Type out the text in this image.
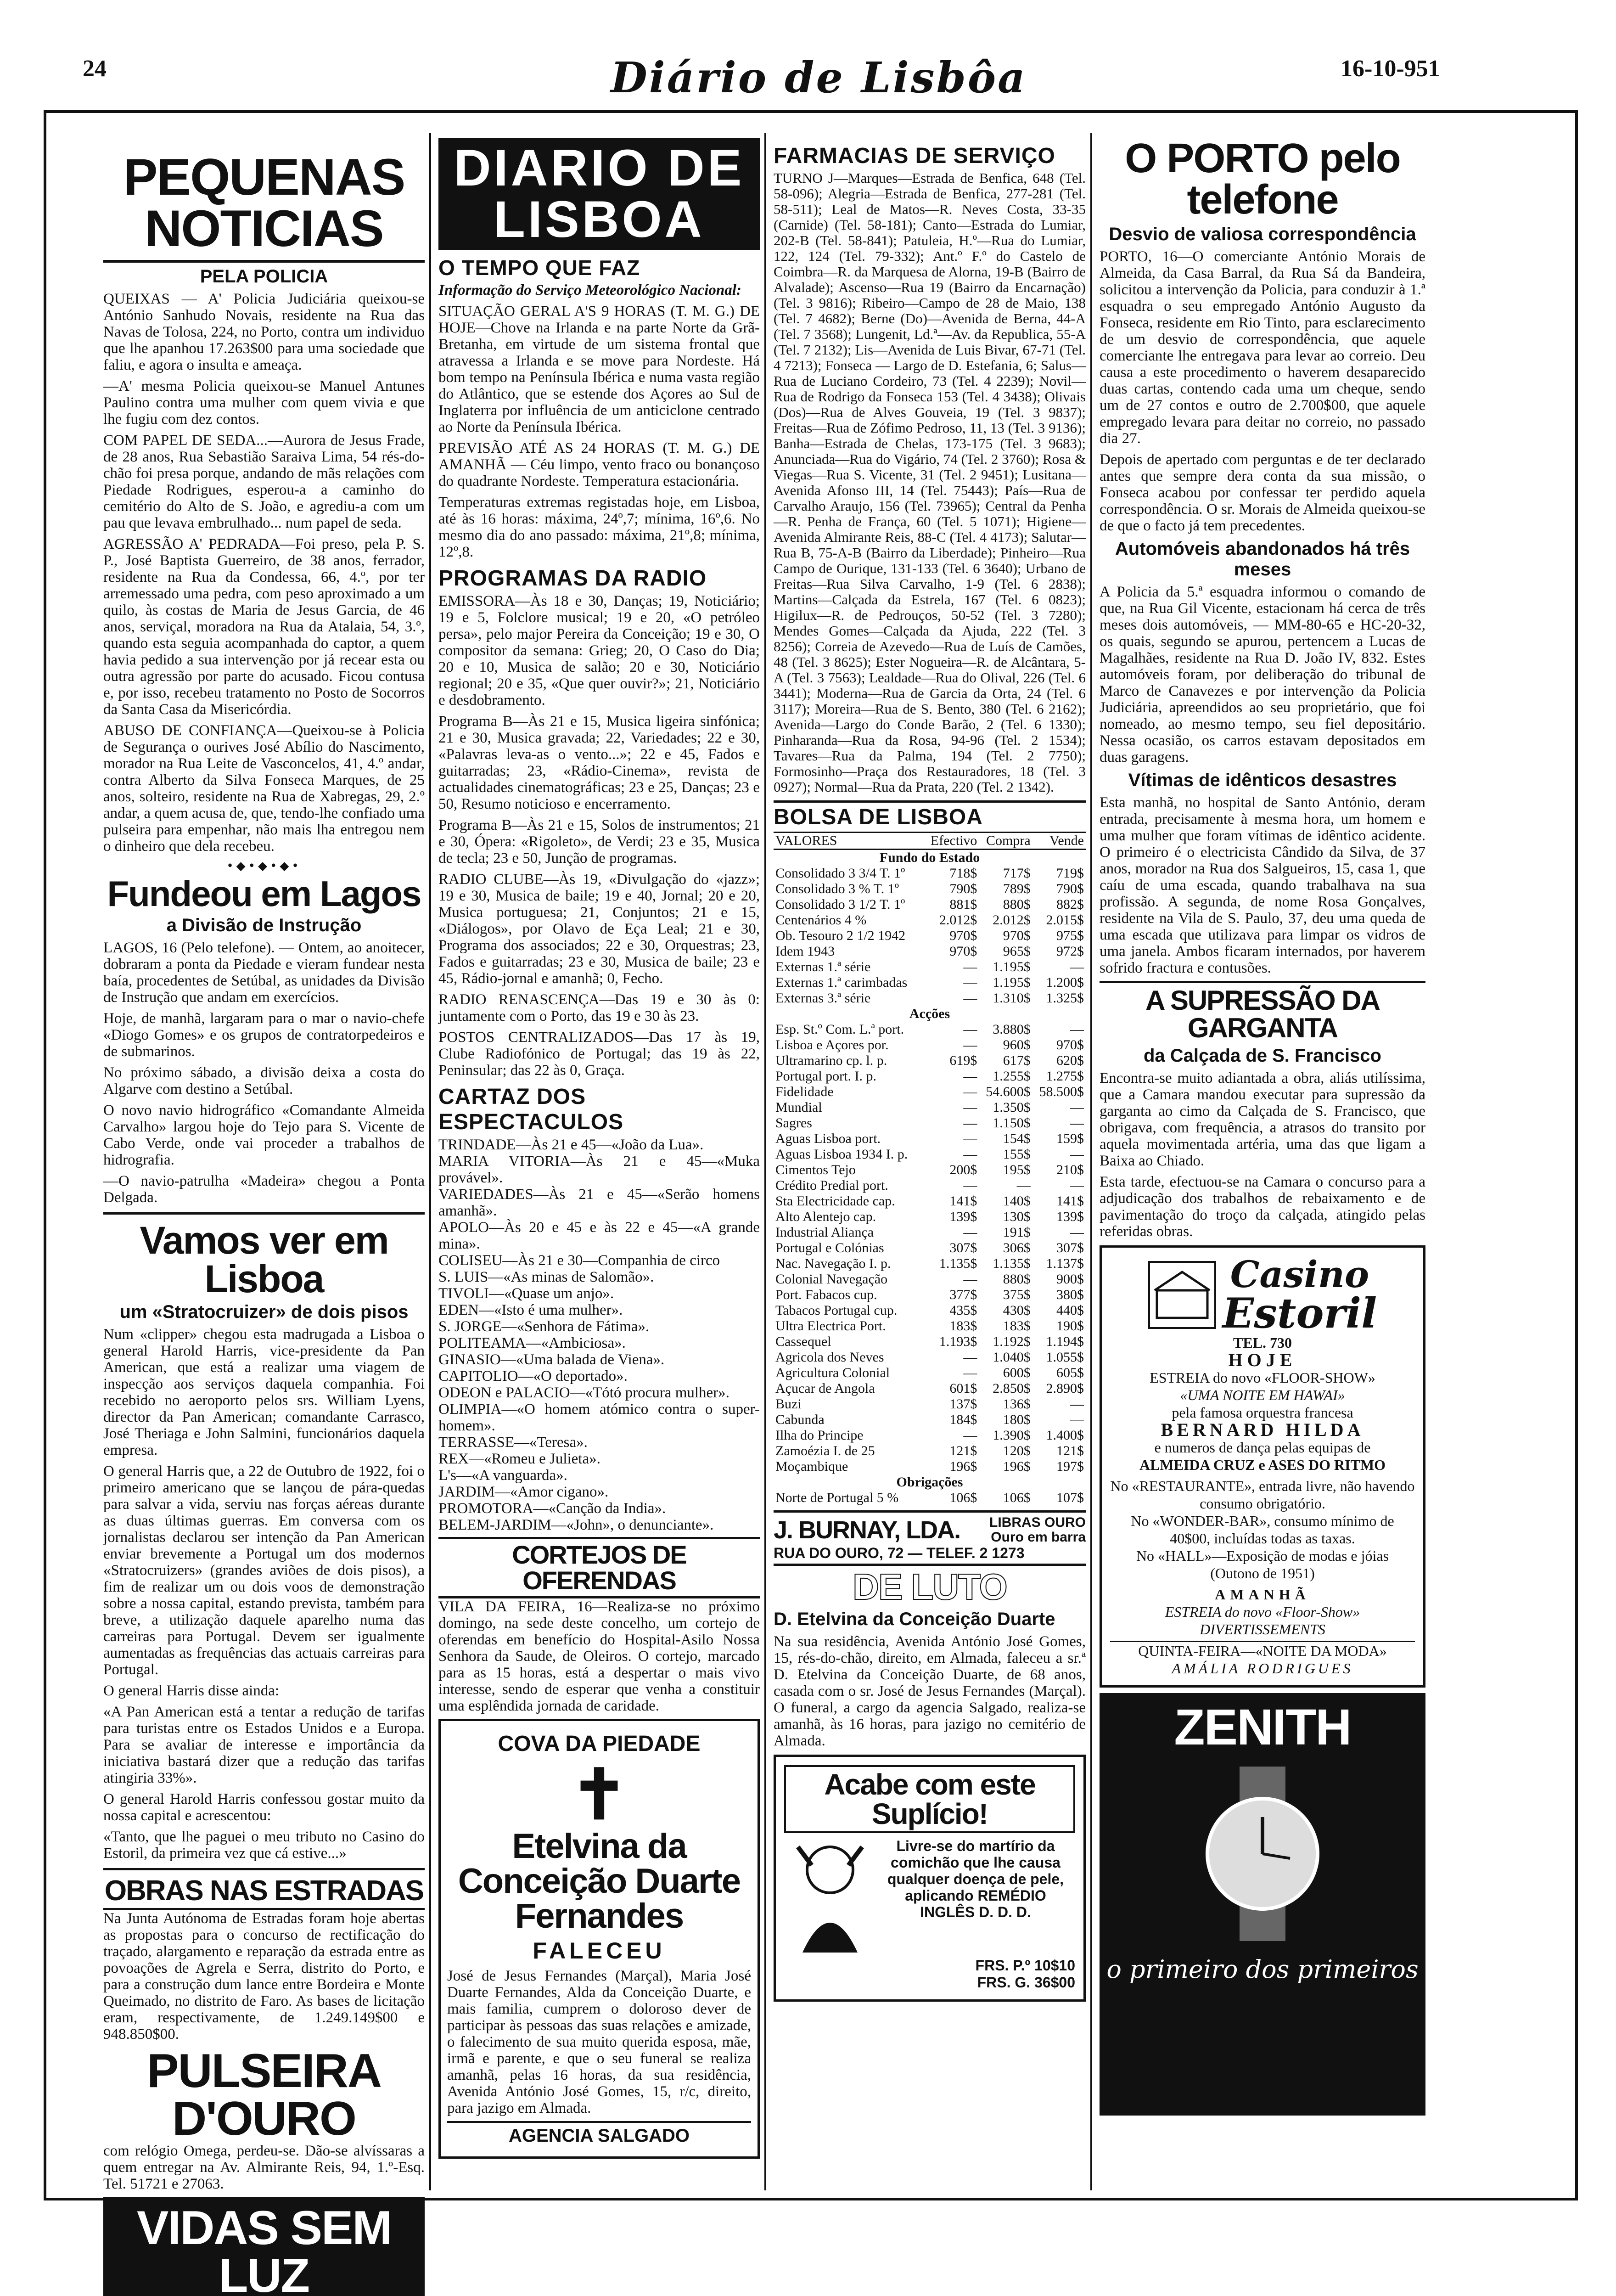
24	Diário de Lisbôa	16-10-951
PEQUENAS NOTICIAS
PELA POLICIA

QUEIXAS — A' Policia Judiciária queixou-se António Sanhudo Novais, residente na Rua das Navas de Tolosa, 224, no Porto, contra um individuo que lhe apanhou 17.263$00 para uma sociedade que faliu, e agora o insulta e ameaça.

—A' mesma Policia queixou-se Manuel Antunes Paulino contra uma mulher com quem vivia e que lhe fugiu com dez contos.

COM PAPEL DE SEDA...—Aurora de Jesus Frade, de 28 anos, Rua Sebastião Saraiva Lima, 54 rés-do-chão foi presa porque, andando de mãs relações com Piedade Rodrigues, esperou-a a caminho do cemitério do Alto de S. João, e agrediu-a com um pau que levava embrulhado... num papel de seda.

AGRESSÃO A' PEDRADA—Foi preso, pela P. S. P., José Baptista Guerreiro, de 38 anos, ferrador, residente na Rua da Condessa, 66, 4.º, por ter arremessado uma pedra, com peso aproximado a um quilo, às costas de Maria de Jesus Garcia, de 46 anos, serviçal, moradora na Rua da Atalaia, 54, 3.º, quando esta seguia acompanhada do captor, a quem havia pedido a sua intervenção por já recear esta ou outra agressão por parte do acusado. Ficou contusa e, por isso, recebeu tratamento no Posto de Socorros da Santa Casa da Misericórdia.

ABUSO DE CONFIANÇA—Queixou-se à Policia de Segurança o ourives José Abílio do Nascimento, morador na Rua Leite de Vasconcelos, 41, 4.º andar, contra Alberto da Silva Fonseca Marques, de 25 anos, solteiro, residente na Rua de Xabregas, 29, 2.º andar, a quem acusa de, que, tendo-lhe confiado uma pulseira para empenhar, não mais lha entregou nem o dinheiro que dela recebeu.

•◆•◆•◆•
Fundeou em Lagos
a Divisão de Instrução

LAGOS, 16 (Pelo telefone). — Ontem, ao anoitecer, dobraram a ponta da Piedade e vieram fundear nesta baía, procedentes de Setúbal, as unidades da Divisão de Instrução que andam em exercícios.

Hoje, de manhã, largaram para o mar o navio-chefe «Diogo Gomes» e os grupos de contratorpedeiros e de submarinos.

No próximo sábado, a divisão deixa a costa do Algarve com destino a Setúbal.

O novo navio hidrográfico «Comandante Almeida Carvalho» largou hoje do Tejo para S. Vicente de Cabo Verde, onde vai proceder a trabalhos de hidrografia.

—O navio-patrulha «Madeira» chegou a Ponta Delgada.

Vamos ver em Lisboa
um «Stratocruizer» de dois pisos

Num «clipper» chegou esta madrugada a Lisboa o general Harold Harris, vice-presidente da Pan American, que está a realizar uma viagem de inspecção aos serviços daquela companhia. Foi recebido no aeroporto pelos srs. William Lyens, director da Pan American; comandante Carrasco, José Theriaga e John Salmini, funcionários daquela empresa.

O general Harris que, a 22 de Outubro de 1922, foi o primeiro americano que se lançou de pára-quedas para salvar a vida, serviu nas forças aéreas durante as duas últimas guerras. Em conversa com os jornalistas declarou ser intenção da Pan American enviar brevemente a Portugal um dos modernos «Stratocruizers» (grandes aviões de dois pisos), a fim de realizar um ou dois voos de demonstração sobre a nossa capital, estando prevista, também para breve, a utilização daquele aparelho numa das carreiras para Portugal. Devem ser igualmente aumentadas as frequências das actuais carreiras para Portugal.

O general Harris disse ainda:

«A Pan American está a tentar a redução de tarifas para turistas entre os Estados Unidos e a Europa. Para se avaliar de interesse e importância da iniciativa bastará dizer que a redução das tarifas atingiria 33%».

O general Harold Harris confessou gostar muito da nossa capital e acrescentou:

«Tanto, que lhe paguei o meu tributo no Casino do Estoril, da primeira vez que cá estive...»

OBRAS NAS ESTRADAS

Na Junta Autónoma de Estradas foram hoje abertas as propostas para o concurso de rectificação do traçado, alargamento e reparação da estrada entre as povoações de Agrela e Serra, distrito do Porto, e para a construção dum lance entre Bordeira e Monte Queimado, no distrito de Faro. As bases de licitação eram, respectivamente, de 1.249.149$00 e 948.850$00.

PULSEIRA D'OURO

com relógio Omega, perdeu-se. Dão-se alvíssaras a quem entregar na Av. Almirante Reis, 94, 1.º-Esq. Tel. 51721 e 27063.

VIDAS SEM LUZ
DIARIO DE LISBOA
O TEMPO QUE FAZ
Informação do Serviço Meteorológico Nacional:

SITUAÇÃO GERAL A'S 9 HORAS (T. M. G.) DE HOJE—Chove na Irlanda e na parte Norte da Grã-Bretanha, em virtude de um sistema frontal que atravessa a Irlanda e se move para Nordeste. Há bom tempo na Península Ibérica e numa vasta região do Atlântico, que se estende dos Açores ao Sul de Inglaterra por influência de um anticiclone centrado ao Norte da Península Ibérica.

PREVISÃO ATÉ AS 24 HORAS (T. M. G.) DE AMANHÃ — Céu limpo, vento fraco ou bonançoso do quadrante Nordeste. Temperatura estacionária.

Temperaturas extremas registadas hoje, em Lisboa, até às 16 horas: máxima, 24º,7; mínima, 16º,6. No mesmo dia do ano passado: máxima, 21º,8; mínima, 12º,8.

PROGRAMAS DA RADIO

EMISSORA—Às 18 e 30, Danças; 19, Noticiário; 19 e 5, Folclore musical; 19 e 20, «O petróleo persa», pelo major Pereira da Conceição; 19 e 30, O compositor da semana: Grieg; 20, O Caso do Dia; 20 e 10, Musica de salão; 20 e 30, Noticiário regional; 20 e 35, «Que quer ouvir?»; 21, Noticiário e desdobramento.

Programa B—Às 21 e 15, Musica ligeira sinfónica; 21 e 30, Musica gravada; 22, Variedades; 22 e 30, «Palavras leva-as o vento...»; 22 e 45, Fados e guitarradas; 23, «Rádio-Cinema», revista de actualidades cinematográficas; 23 e 25, Danças; 23 e 50, Resumo noticioso e encerramento.

Programa B—Às 21 e 15, Solos de instrumentos; 21 e 30, Ópera: «Rigoleto», de Verdi; 23 e 35, Musica de tecla; 23 e 50, Junção de programas.

RADIO CLUBE—Às 19, «Divulgação do «jazz»; 19 e 30, Musica de baile; 19 e 40, Jornal; 20 e 20, Musica portuguesa; 21, Conjuntos; 21 e 15, «Diálogos», por Olavo de Eça Leal; 21 e 30, Programa dos associados; 22 e 30, Orquestras; 23, Fados e guitarradas; 23 e 30, Musica de baile; 23 e 45, Rádio-jornal e amanhã; 0, Fecho.

RADIO RENASCENÇA—Das 19 e 30 às 0: juntamente com o Porto, das 19 e 30 às 23.

POSTOS CENTRALIZADOS—Das 17 às 19, Clube Radiofónico de Portugal; das 19 às 22, Peninsular; das 22 às 0, Graça.

CARTAZ DOS ESPECTACULOS
TRINDADE—Às 21 e 45—«João da Lua».
MARIA VITORIA—Às 21 e 45—«Muka provável».
VARIEDADES—Às 21 e 45—«Serão homens amanhã».
APOLO—Às 20 e 45 e às 22 e 45—«A grande mina».
COLISEU—Às 21 e 30—Companhia de circo
S. LUIS—«As minas de Salomão».
TIVOLI—«Quase um anjo».
EDEN—«Isto é uma mulher».
S. JORGE—«Senhora de Fátima».
POLITEAMA—«Ambiciosa».
GINASIO—«Uma balada de Viena».
CAPITOLIO—«O deportado».
ODEON e PALACIO—«Tótó procura mulher».
OLIMPIA—«O homem atómico contra o super-homem».
TERRASSE—«Teresa».
REX—«Romeu e Julieta».
L's—«A vanguarda».
JARDIM—«Amor cigano».
PROMOTORA—«Canção da India».
BELEM-JARDIM—«John», o denunciante».
CORTEJOS DE OFERENDAS

VILA DA FEIRA, 16—Realiza-se no próximo domingo, na sede deste concelho, um cortejo de oferendas em benefício do Hospital-Asilo Nossa Senhora da Saude, de Oleiros. O cortejo, marcado para as 15 horas, está a despertar o mais vivo interesse, sendo de esperar que venha a constituir uma esplêndida jornada de caridade.

COVA DA PIEDADE
✝
Etelvina da Conceição Duarte Fernandes
FALECEU

José de Jesus Fernandes (Marçal), Maria José Duarte Fernandes, Alda da Conceição Duarte, e mais familia, cumprem o doloroso dever de participar às pessoas das suas relações e amizade, o falecimento de sua muito querida esposa, mãe, irmã e parente, e que o seu funeral se realiza amanhã, pelas 16 horas, da sua residência, Avenida António José Gomes, 15, r/c, direito, para jazigo em Almada.

AGENCIA SALGADO
FARMACIAS DE SERVIÇO

TURNO J—Marques—Estrada de Benfica, 648 (Tel. 58-096); Alegria—Estrada de Benfica, 277-281 (Tel. 58-511); Leal de Matos—R. Neves Costa, 33-35 (Carnide) (Tel. 58-181); Canto—Estrada do Lumiar, 202-B (Tel. 58-841); Patuleia, H.º—Rua do Lumiar, 122, 124 (Tel. 79-332); Ant.º F.º do Castelo de Coimbra—R. da Marquesa de Alorna, 19-B (Bairro de Alvalade); Ascenso—Rua 19 (Bairro da Encarnação) (Tel. 3 9816); Ribeiro—Campo de 28 de Maio, 138 (Tel. 7 4682); Berne (Do)—Avenida de Berna, 44-A (Tel. 7 3568); Lungenit, Ld.ª—Av. da Republica, 55-A (Tel. 7 2132); Lis—Avenida de Luis Bivar, 67-71 (Tel. 4 7213); Fonseca — Largo de D. Estefania, 6; Salus—Rua de Luciano Cordeiro, 73 (Tel. 4 2239); Novil—Rua de Rodrigo da Fonseca 153 (Tel. 4 3438); Olivais (Dos)—Rua de Alves Gouveia, 19 (Tel. 3 9837); Freitas—Rua de Zófimo Pedroso, 11, 13 (Tel. 3 9136); Banha—Estrada de Chelas, 173-175 (Tel. 3 9683); Anunciada—Rua do Vigário, 74 (Tel. 2 3760); Rosa & Viegas—Rua S. Vicente, 31 (Tel. 2 9451); Lusitana—Avenida Afonso III, 14 (Tel. 75443); País—Rua de Carvalho Araujo, 156 (Tel. 73965); Central da Penha—R. Penha de França, 60 (Tel. 5 1071); Higiene—Avenida Almirante Reis, 88-C (Tel. 4 4173); Salutar—Rua B, 75-A-B (Bairro da Liberdade); Pinheiro—Rua Campo de Ourique, 131-133 (Tel. 6 3640); Urbano de Freitas—Rua Silva Carvalho, 1-9 (Tel. 6 2838); Martins—Calçada da Estrela, 167 (Tel. 6 0823); Higilux—R. de Pedrouços, 50-52 (Tel. 3 7280); Mendes Gomes—Calçada da Ajuda, 222 (Tel. 3 8256); Correia de Azevedo—Rua de Luís de Camões, 48 (Tel. 3 8625); Ester Nogueira—R. de Alcântara, 5-A (Tel. 3 7563); Lealdade—Rua do Olival, 226 (Tel. 6 3441); Moderna—Rua de Garcia da Orta, 24 (Tel. 6 3117); Moreira—Rua de S. Bento, 380 (Tel. 6 2162); Avenida—Largo do Conde Barão, 2 (Tel. 6 1330); Pinharanda—Rua da Rosa, 94-96 (Tel. 2 1534); Tavares—Rua da Palma, 194 (Tel. 2 7750); Formosinho—Praça dos Restauradores, 18 (Tel. 3 0927); Normal—Rua da Prata, 220 (Tel. 2 1342).

BOLSA DE LISBOA
VALORES	Efectivo	Compra	Vende
Fundo do Estado			
Consolidado 3 3/4 T. 1º	718$	717$	719$
Consolidado 3 % T. 1º	790$	789$	790$
Consolidado 3 1/2 T. 1º	881$	880$	882$
Centenários 4 %	2.012$	2.012$	2.015$
Ob. Tesouro 2 1/2 1942	970$	970$	975$
Idem 1943	970$	965$	972$
Externas 1.ª série	—	1.195$	—
Externas 1.ª carimbadas	—	1.195$	1.200$
Externas 3.ª série	—	1.310$	1.325$
Acções			
Esp. St.º Com. L.ª port.	—	3.880$	—
Lisboa e Açores por.	—	960$	970$
Ultramarino cp. l. p.	619$	617$	620$
Portugal port. I. p.	—	1.255$	1.275$
Fidelidade	—	54.600$	58.500$
Mundial	—	1.350$	—
Sagres	—	1.150$	—
Aguas Lisboa port.	—	154$	159$
Aguas Lisboa 1934 I. p.	—	155$	—
Cimentos Tejo	200$	195$	210$
Crédito Predial port.	—	—	—
Sta Electricidade cap.	141$	140$	141$
Alto Alentejo cap.	139$	130$	139$
Industrial Aliança	—	191$	—
Portugal e Colónias	307$	306$	307$
Nac. Navegação I. p.	1.135$	1.135$	1.137$
Colonial Navegação	—	880$	900$
Port. Fabacos cup.	377$	375$	380$
Tabacos Portugal cup.	435$	430$	440$
Ultra Electrica Port.	183$	183$	190$
Cassequel	1.193$	1.192$	1.194$
Agricola dos Neves	—	1.040$	1.055$
Agricultura Colonial	—	600$	605$
Açucar de Angola	601$	2.850$	2.890$
Buzi	137$	136$	—
Cabunda	184$	180$	—
Ilha do Principe	—	1.390$	1.400$
Zamoézia I. de 25	121$	120$	121$
Moçambique	196$	196$	197$
Obrigações			
Norte de Portugal 5 %	106$	106$	107$
J. BURNAY, LDA. LIBRAS OURO
Ouro em barra
RUA DO OURO, 72 — TELEF. 2 1273
DE LUTO
D. Etelvina da Conceição Duarte

Na sua residência, Avenida António José Gomes, 15, rés-do-chão, direito, em Almada, faleceu a sr.ª D. Etelvina da Conceição Duarte, de 68 anos, casada com o sr. José de Jesus Fernandes (Marçal). O funeral, a cargo da agencia Salgado, realiza-se amanhã, às 16 horas, para jazigo no cemitério de Almada.

Acabe com este Suplício!
Livre-se do martírio da comichão que lhe causa qualquer doença de pele, aplicando REMÉDIO INGLÊS D. D. D.
FRS. P.º 10$10
FRS. G. 36$00
O PORTO pelo telefone
Desvio de valiosa correspondência

PORTO, 16—O comerciante António Morais de Almeida, da Casa Barral, da Rua Sá da Bandeira, solicitou a intervenção da Policia, para conduzir à 1.ª esquadra o seu empregado António Augusto da Fonseca, residente em Rio Tinto, para esclarecimento de um desvio de correspondência, que aquele comerciante lhe entregava para levar ao correio. Deu causa a este procedimento o haverem desaparecido duas cartas, contendo cada uma um cheque, sendo um de 27 contos e outro de 2.700$00, que aquele empregado levara para deitar no correio, no passado dia 27.

Depois de apertado com perguntas e de ter declarado antes que sempre dera conta da sua missão, o Fonseca acabou por confessar ter perdido aquela correspondência. O sr. Morais de Almeida queixou-se de que o facto já tem precedentes.

Automóveis abandonados há três meses

A Policia da 5.ª esquadra informou o comando de que, na Rua Gil Vicente, estacionam há cerca de três meses dois automóveis, — MM-80-65 e HC-20-32, os quais, segundo se apurou, pertencem a Lucas de Magalhães, residente na Rua D. João IV, 832. Estes automóveis foram, por deliberação do tribunal de Marco de Canavezes e por intervenção da Policia Judiciária, apreendidos ao seu proprietário, que foi nomeado, ao mesmo tempo, seu fiel depositário. Nessa ocasião, os carros estavam depositados em duas garagens.

Vítimas de idênticos desastres

Esta manhã, no hospital de Santo António, deram entrada, precisamente à mesma hora, um homem e uma mulher que foram vítimas de idêntico acidente. O primeiro é o electricista Cândido da Silva, de 37 anos, morador na Rua dos Salgueiros, 15, casa 1, que caíu de uma escada, quando trabalhava na sua profissão. A segunda, de nome Rosa Gonçalves, residente na Vila de S. Paulo, 37, deu uma queda de uma escada que utilizava para limpar os vidros de uma janela. Ambos ficaram internados, por haverem sofrido fractura e contusões.

A SUPRESSÃO DA GARGANTA
da Calçada de S. Francisco

Encontra-se muito adiantada a obra, aliás utilíssima, que a Camara mandou executar para supressão da garganta ao cimo da Calçada de S. Francisco, que obrigava, com frequência, a atrasos do transito por aquela movimentada artéria, uma das que ligam a Baixa ao Chiado.

Esta tarde, efectuou-se na Camara o concurso para a adjudicação dos trabalhos de rebaixamento e de pavimentação do troço da calçada, atingido pelas referidas obras.

Casino
Estoril
TEL. 730
HOJE
ESTREIA do novo «FLOOR-SHOW»
«UMA NOITE EM HAWAI»
pela famosa orquestra francesa
BERNARD HILDA
e numeros de dança pelas equipas de
ALMEIDA CRUZ e ASES DO RITMO
No «RESTAURANTE», entrada livre, não havendo consumo obrigatório.
No «WONDER-BAR», consumo mínimo de 40$00, incluídas todas as taxas.
No «HALL»—Exposição de modas e jóias (Outono de 1951)
AMANHÃ
ESTREIA do novo «Floor-Show» DIVERTISSEMENTS
QUINTA-FEIRA—«NOITE DA MODA»
AMÁLIA RODRIGUES
ZENITH
o primeiro dos primeiros
